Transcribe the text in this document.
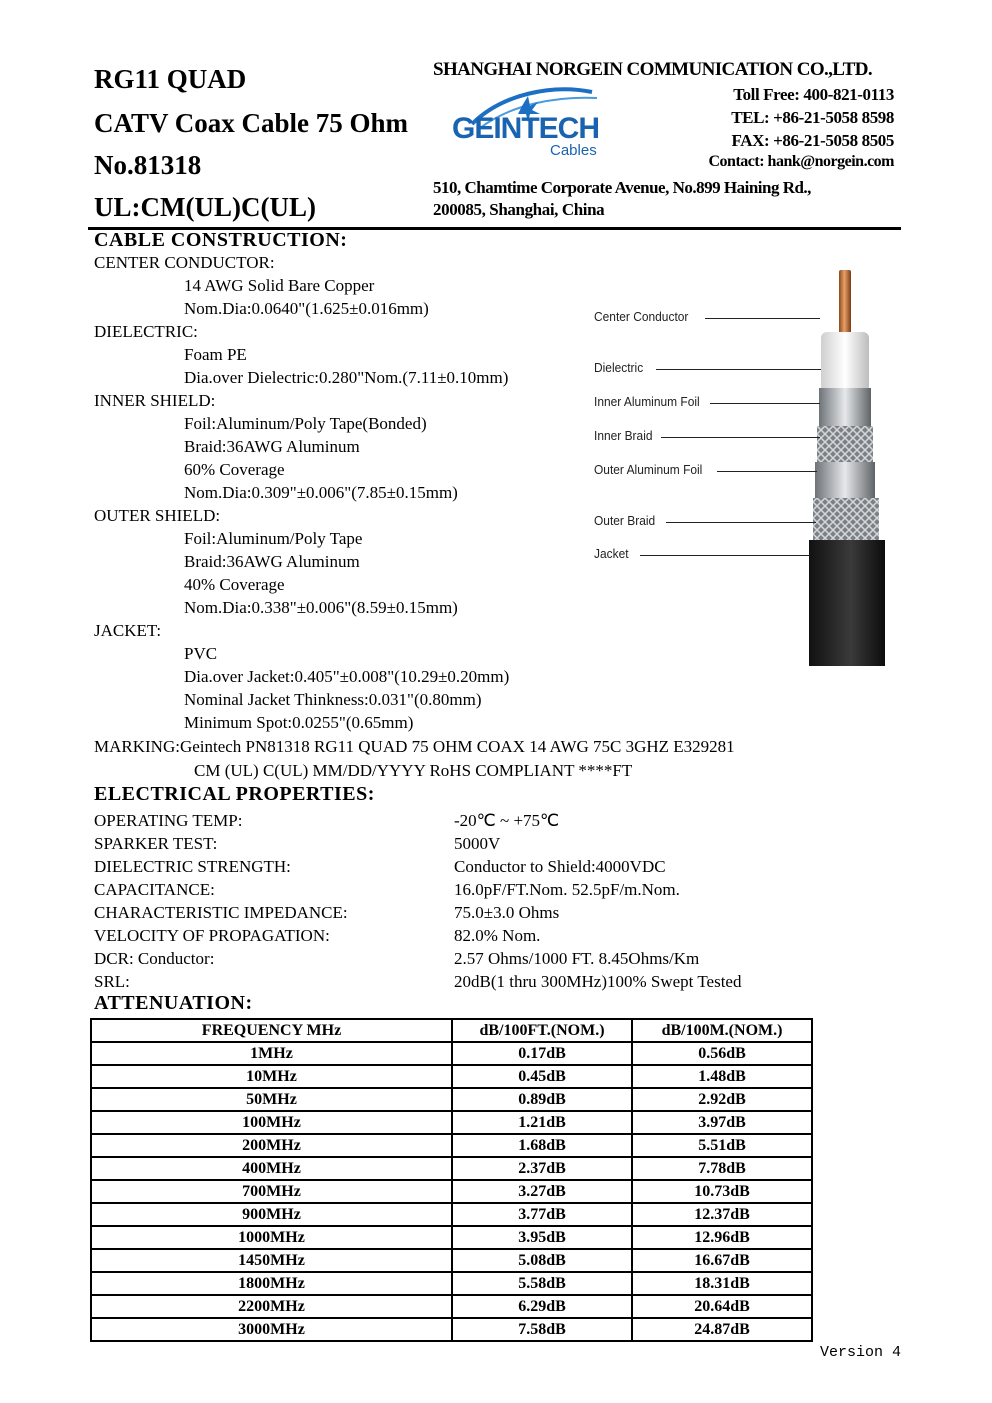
RG11 QUAD
CATV Coax Cable 75 Ohm
No.81318
UL:CM(UL)C(UL)
SHANGHAI NORGEIN COMMUNICATION CO.,LTD.
GEINTECH
Cables
Toll Free: 400-821-0113
TEL: +86-21-5058 8598
FAX: +86-21-5058 8505
Contact: hank@norgein.com
510, Chamtime Corporate Avenue, No.899 Haining Rd.,
200085, Shanghai, China
CABLE CONSTRUCTION:
CENTER CONDUCTOR:
14 AWG Solid Bare Copper
Nom.Dia:0.0640"(1.625±0.016mm)
DIELECTRIC:
Foam PE
Dia.over Dielectric:0.280"Nom.(7.11±0.10mm)
INNER SHIELD:
Foil:Aluminum/Poly Tape(Bonded)
Braid:36AWG Aluminum
60% Coverage
Nom.Dia:0.309"±0.006"(7.85±0.15mm)
OUTER SHIELD:
Foil:Aluminum/Poly Tape
Braid:36AWG Aluminum
40% Coverage
Nom.Dia:0.338"±0.006"(8.59±0.15mm)
JACKET:
PVC
Dia.over Jacket:0.405"±0.008"(10.29±0.20mm)
Nominal Jacket Thinkness:0.031"(0.80mm)
Minimum Spot:0.0255"(0.65mm)
MARKING:Geintech PN81318 RG11 QUAD 75 OHM COAX 14 AWG 75C 3GHZ E329281
CM (UL) C(UL) MM/DD/YYYY RoHS COMPLIANT ****FT
Center Conductor
Dielectric
Inner Aluminum Foil
Inner Braid
Outer Aluminum Foil
Outer Braid
Jacket
ELECTRICAL PROPERTIES:
OPERATING TEMP:	-20℃ ~ +75℃
SPARKER TEST:	5000V
DIELECTRIC STRENGTH:	Conductor to Shield:4000VDC
CAPACITANCE:	16.0pF/FT.Nom. 52.5pF/m.Nom.
CHARACTERISTIC IMPEDANCE:	75.0±3.0 Ohms
VELOCITY OF PROPAGATION:	82.0% Nom.
DCR: Conductor:	2.57 Ohms/1000 FT. 8.45Ohms/Km
SRL:	20dB(1 thru 300MHz)100% Swept Tested
ATTENUATION:
FREQUENCY MHz	dB/100FT.(NOM.)	dB/100M.(NOM.)
1MHz	0.17dB	0.56dB
10MHz	0.45dB	1.48dB
50MHz	0.89dB	2.92dB
100MHz	1.21dB	3.97dB
200MHz	1.68dB	5.51dB
400MHz	2.37dB	7.78dB
700MHz	3.27dB	10.73dB
900MHz	3.77dB	12.37dB
1000MHz	3.95dB	12.96dB
1450MHz	5.08dB	16.67dB
1800MHz	5.58dB	18.31dB
2200MHz	6.29dB	20.64dB
3000MHz	7.58dB	24.87dB
Version 4
